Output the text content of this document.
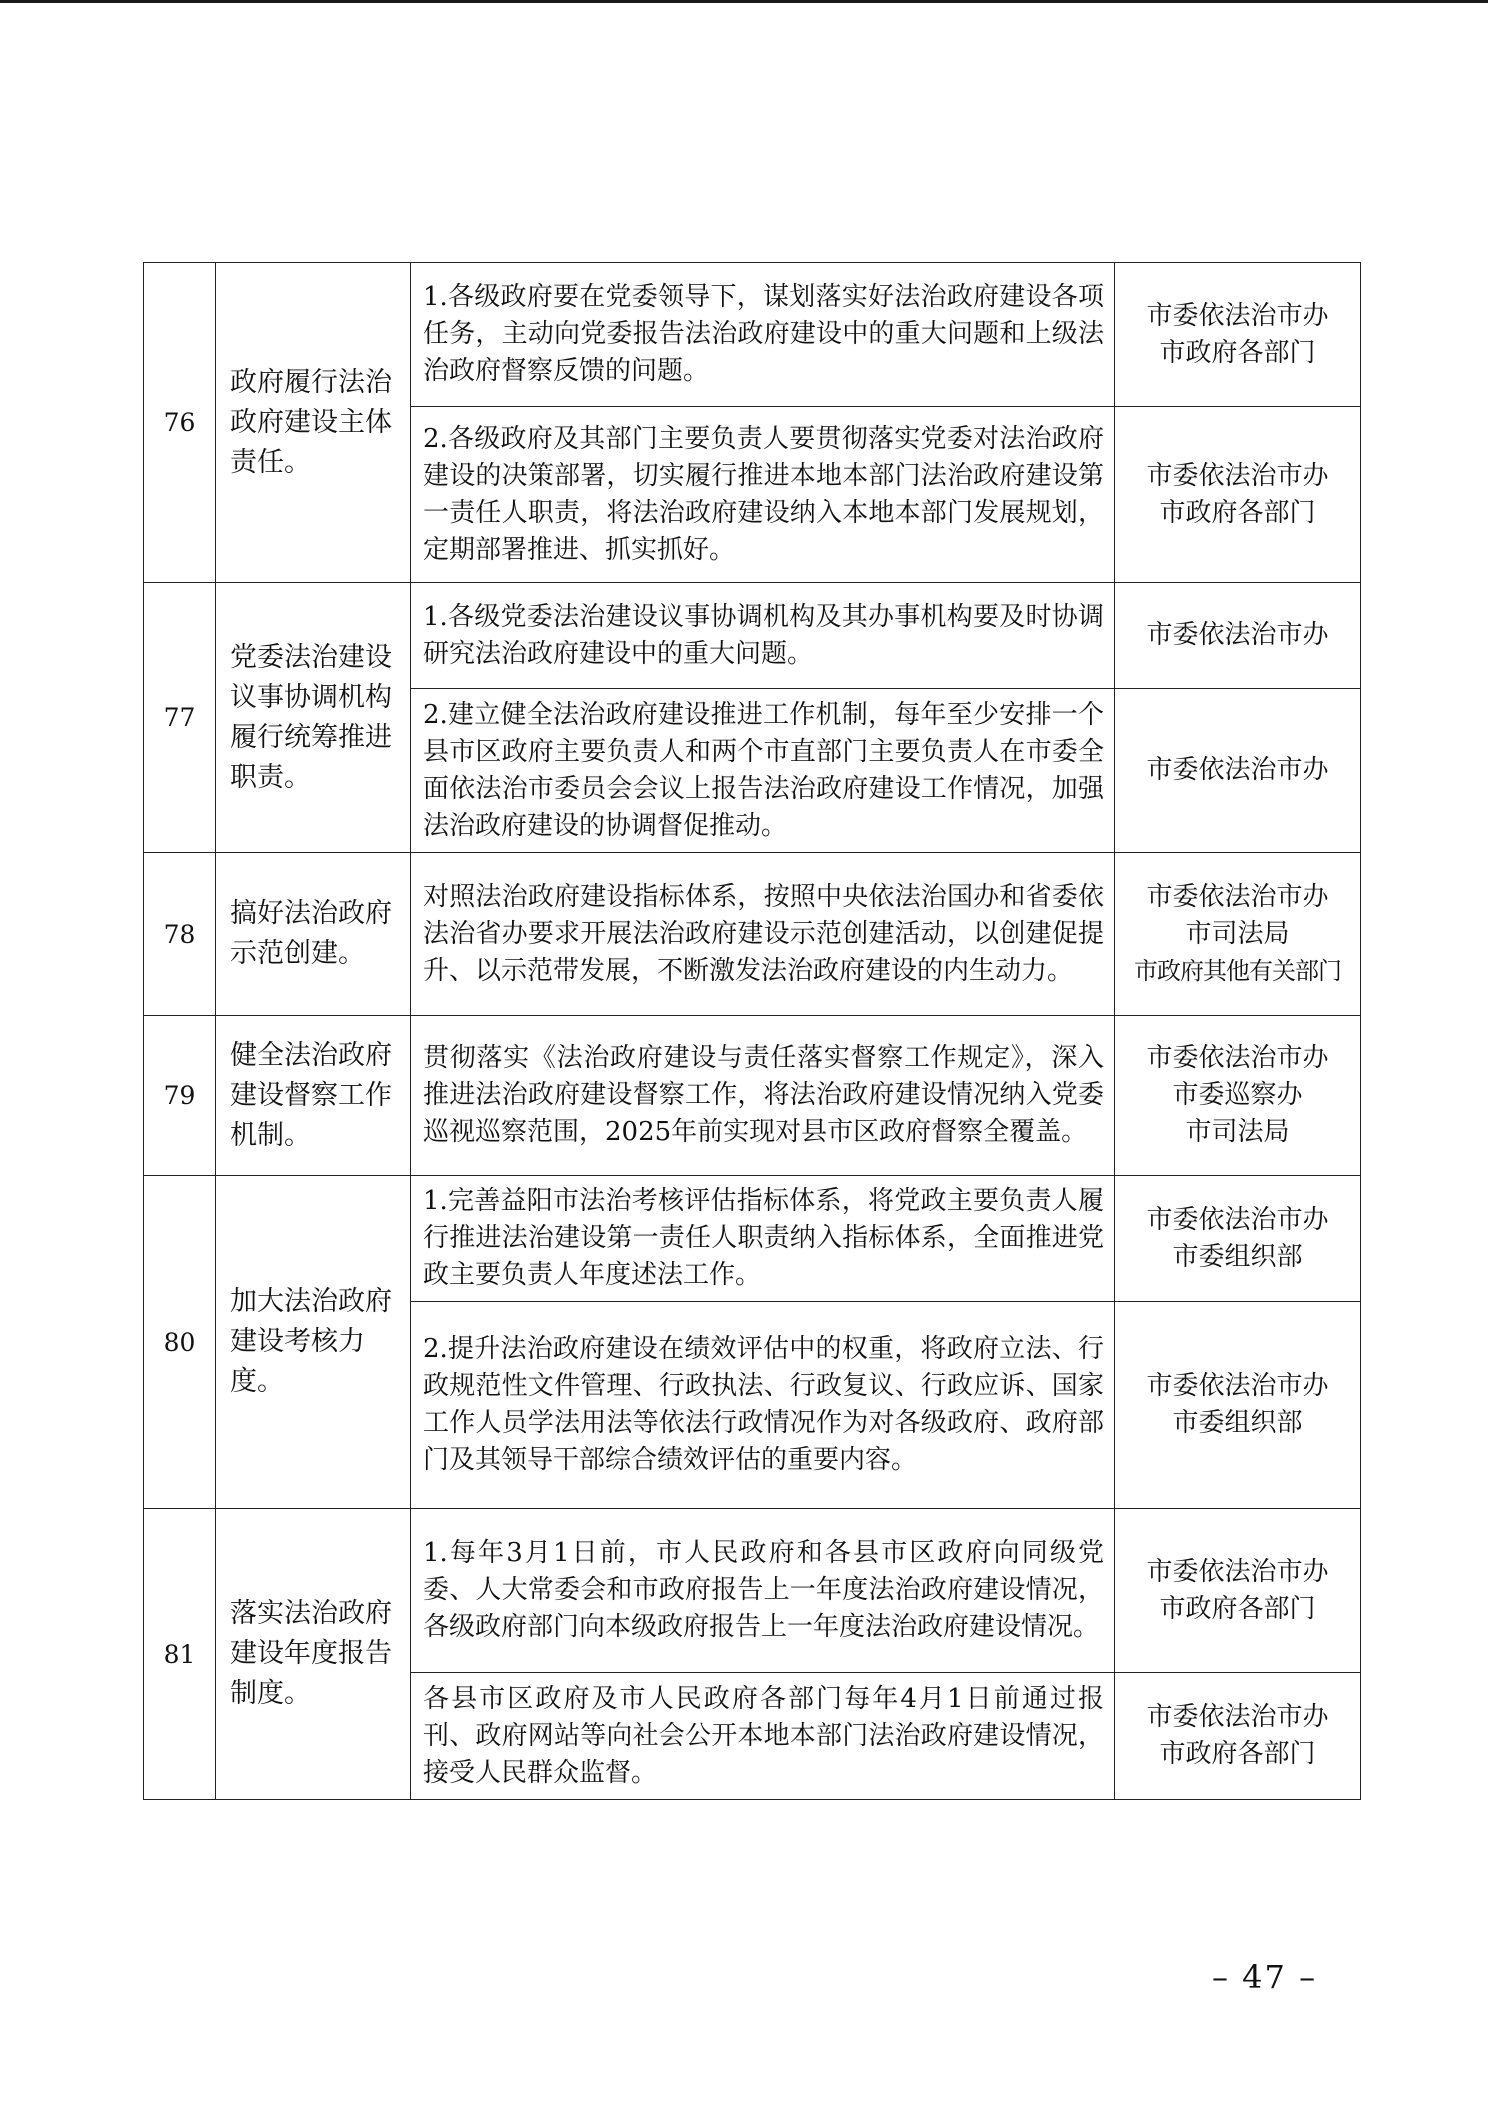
76	政府履行法治政府建设主体责任。	1.各级政府要在党委领导下，谋划落实好法治政府建设各项任务，主动向党委报告法治政府建设中的重大问题和上级法治政府督察反馈的问题。	市委依法治市办
市政府各部门

		2.各级政府及其部门主要负责人要贯彻落实党委对法治政府建设的决策部署，切实履行推进本地本部门法治政府建设第一责任人职责，将法治政府建设纳入本地本部门发展规划，定期部署推进、抓实抓好。	市委依法治市办
市政府各部门

77	党委法治建设议事协调机构履行统筹推进职责。	1.各级党委法治建设议事协调机构及其办事机构要及时协调研究法治政府建设中的重大问题。	市委依法治市办

		2.建立健全法治政府建设推进工作机制，每年至少安排一个县市区政府主要负责人和两个市直部门主要负责人在市委全面依法治市委员会会议上报告法治政府建设工作情况，加强法治政府建设的协调督促推动。	市委依法治市办

78	搞好法治政府示范创建。	对照法治政府建设指标体系，按照中央依法治国办和省委依法治省办要求开展法治政府建设示范创建活动，以创建促提升、以示范带发展，不断激发法治政府建设的内生动力。	市委依法治市办
市司法局
市政府其他有关部门

79	健全法治政府建设督察工作机制。	贯彻落实《法治政府建设与责任落实督察工作规定》，深入推进法治政府建设督察工作，将法治政府建设情况纳入党委巡视巡察范围，2025年前实现对县市区政府督察全覆盖。	市委依法治市办
市委巡察办
市司法局

80	加大法治政府建设考核力度。	1.完善益阳市法治考核评估指标体系，将党政主要负责人履行推进法治建设第一责任人职责纳入指标体系，全面推进党政主要负责人年度述法工作。	市委依法治市办
市委组织部

		2.提升法治政府建设在绩效评估中的权重，将政府立法、行政规范性文件管理、行政执法、行政复议、行政应诉、国家工作人员学法用法等依法行政情况作为对各级政府、政府部门及其领导干部综合绩效评估的重要内容。	市委依法治市办
市委组织部

81	落实法治政府建设年度报告制度。	1.每年3月1日前，市人民政府和各县市区政府向同级党委、人大常委会和市政府报告上一年度法治政府建设情况，各级政府部门向本级政府报告上一年度法治政府建设情况。	市委依法治市办
市政府各部门

		各县市区政府及市人民政府各部门每年4月1日前通过报刊、政府网站等向社会公开本地本部门法治政府建设情况，接受人民群众监督。	市委依法治市办
市政府各部门
– 47 –
